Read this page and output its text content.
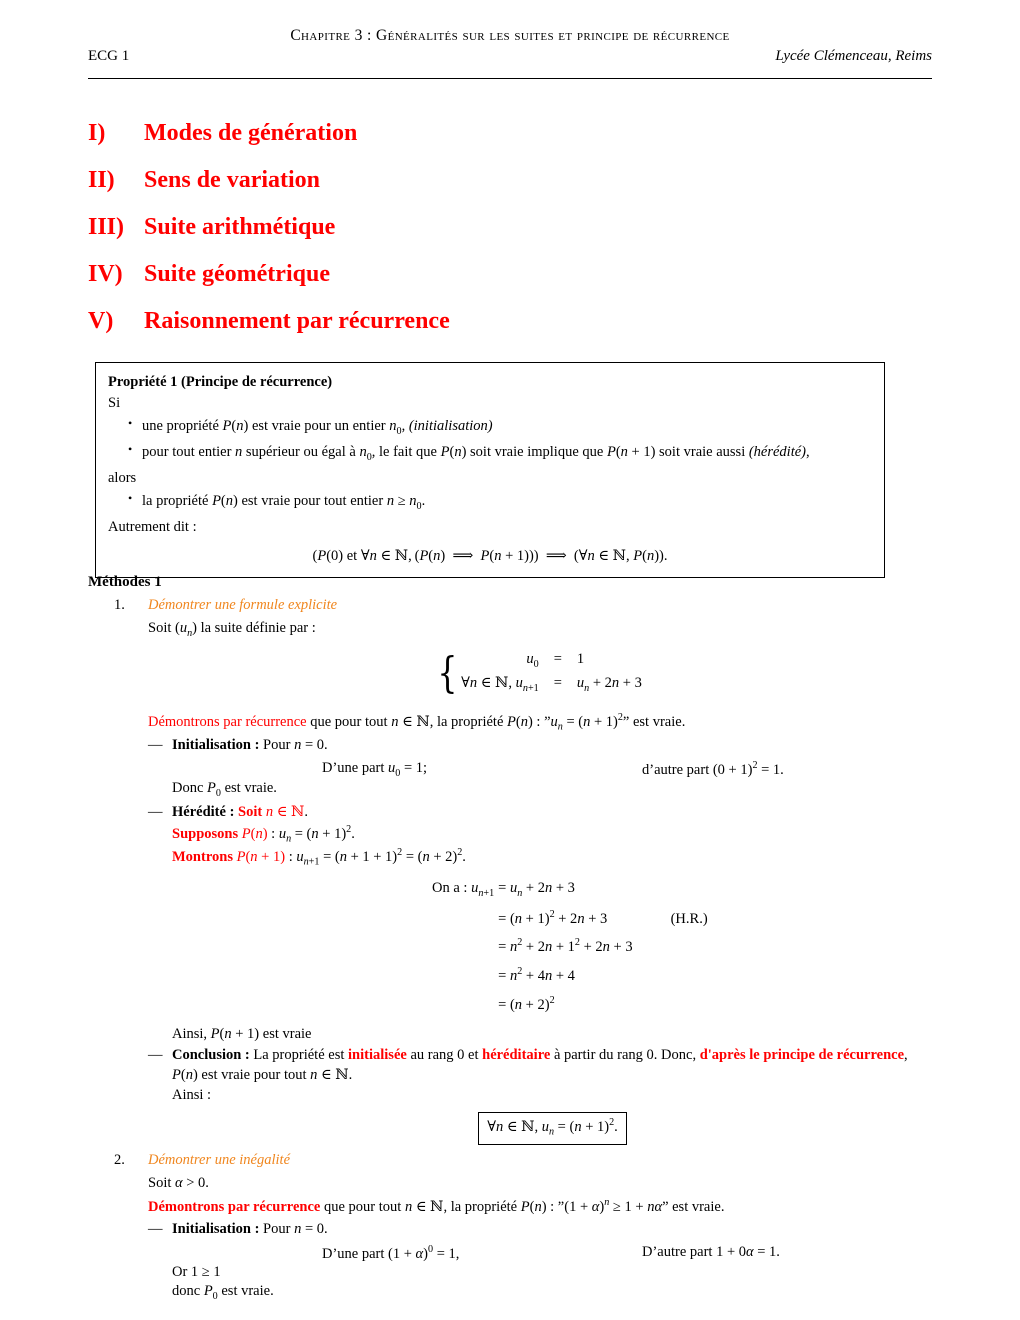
Chapitre 3 : Généralités sur les suites et principe de récurrence
ECG 1	Lycée Clémenceau, Reims
I) Modes de génération
II) Sens de variation
III) Suite arithmétique
IV) Suite géométrique
V) Raisonnement par récurrence
Propriété 1 (Principe de récurrence)
Si
• une propriété P(n) est vraie pour un entier $n_0$, (initialisation)
• pour tout entier n supérieur ou égal à $n_0$, le fait que P(n) soit vraie implique que P(n + 1) soit vraie aussi (hérédité),
alors
• la propriété P(n) est vraie pour tout entier $n \ge n_0$.
Autrement dit :
(P(0) et ∀n ∈ ℕ, (P(n)  ⟹  P(n + 1)))  ⟹  (∀n ∈ ℕ, P(n)).
Méthodes 1
1. Démontrer une formule explicite
Soit $(u_n)$ la suite définie par :
{	$u_0$	=	1
∀n ∈ ℕ, $u_{n+1}$	=	$u_n + 2n + 3$
Démontrons par récurrence que pour tout n ∈ ℕ, la propriété P(n) : $”u_n = (n + 1)^2$” est vraie.
— Initialisation : Pour n = 0.
D’une part $u_0 = 1$;	d’autre part $(0 + 1)^2 = 1$.
Donc $P_0$ est vraie.
— Hérédité : Soit n ∈ ℕ.
Supposons P(n) : $u_n = (n + 1)^2$.
Montrons P(n + 1) : $u_{n+1} = (n + 1 + 1)^2 = (n + 2)^2$.
On a : $u_{n+1}$	= $u_n + 2n + 3$	
	= $(n + 1)^2 + 2n + 3$	(H.R.)
	= $n^2 + 2n + 1^2 + 2n + 3$	
	= $n^2 + 4n + 4$	
	= $(n + 2)^2$	
Ainsi, P(n + 1) est vraie
— Conclusion : La propriété est initialisée au rang 0 et héréditaire à partir du rang 0. Donc, d'après le principe de récurrence, P(n) est vraie pour tout n ∈ ℕ.
Ainsi :
∀n ∈ ℕ, $u_n = (n + 1)^2$.
2. Démontrer une inégalité
Soit α > 0.
Démontrons par récurrence que pour tout n ∈ ℕ, la propriété P(n) : ”(1 + α)$^n$ ≥ 1 + nα” est vraie.
— Initialisation : Pour n = 0.
D’une part $(1 + \alpha)^0 = 1$,	D’autre part 1 + 0α = 1.
Or 1 ≥ 1
donc $P_0$ est vraie.
